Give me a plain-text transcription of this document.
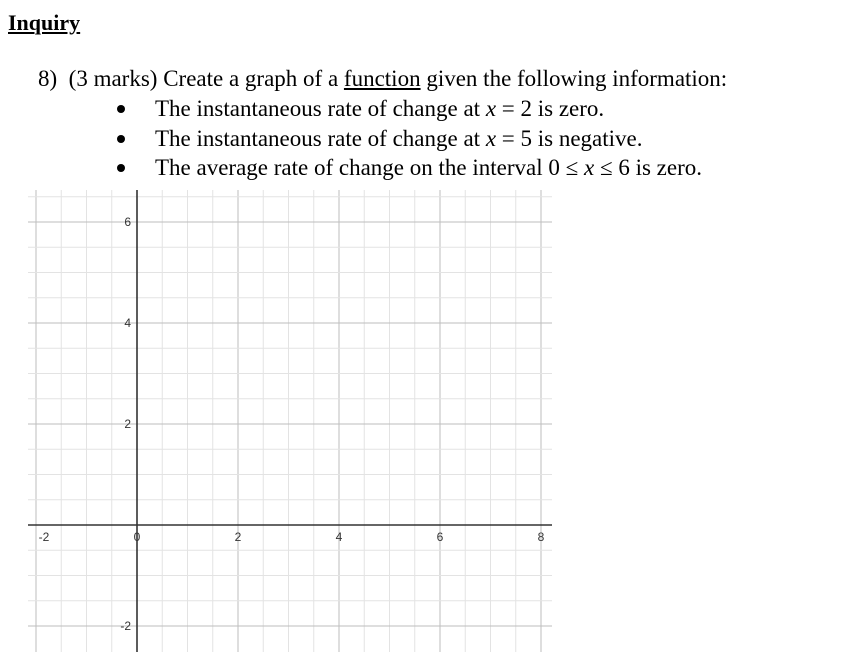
Inquiry
8) (3 marks) Create a graph of a function given the following information:
The instantaneous rate of change at x = 2 is zero.
The instantaneous rate of change at x = 5 is negative.
The average rate of change on the interval 0 ≤ x ≤ 6 is zero.
-2	0	2	4	6	8
-2
2
4
6
